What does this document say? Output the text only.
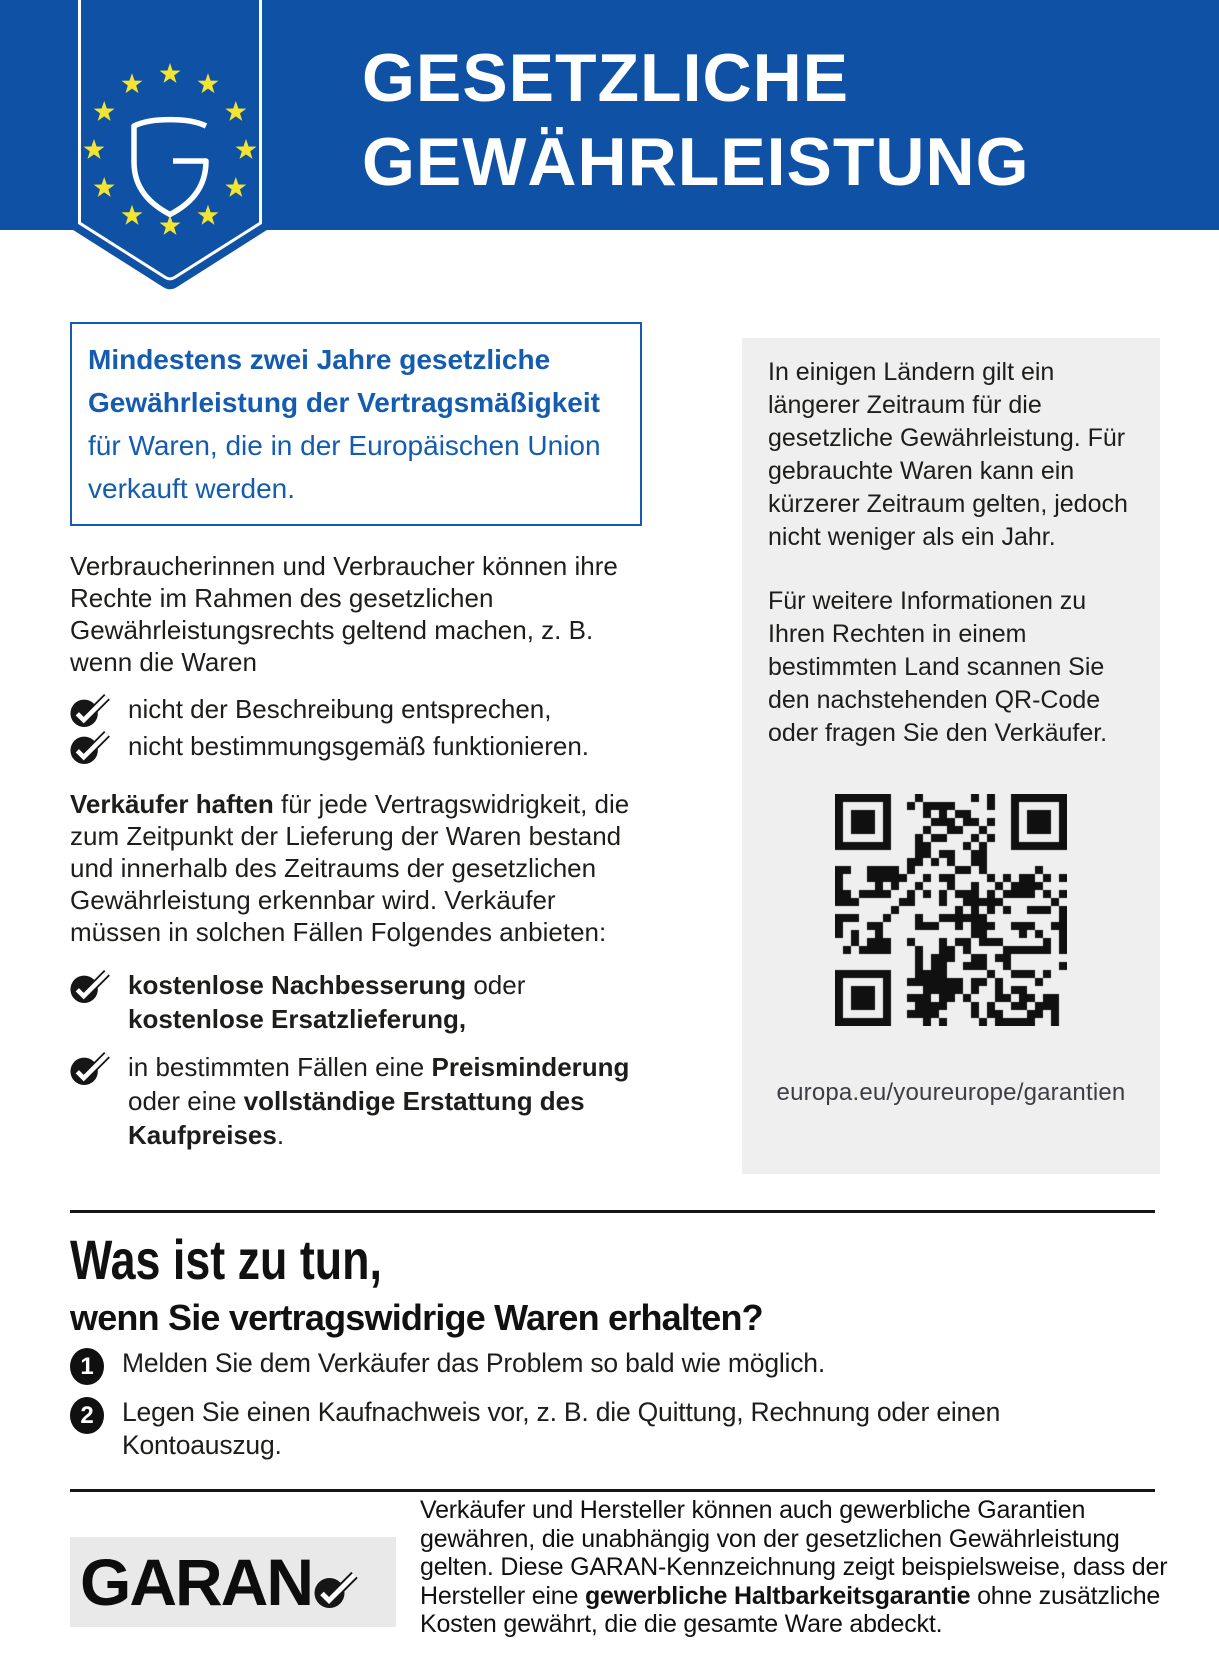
GESETZLICHE
GEWÄHRLEISTUNG
Mindestens zwei Jahre gesetzliche Gewährleistung der Vertragsmäßigkeit für Waren, die in der Europäischen Union verkauft werden.

Verbraucherinnen und Verbraucher können ihre Rechte im Rahmen des gesetzlichen Gewährleistungsrechts geltend machen, z. B. wenn die Waren

nicht der Beschreibung entsprechen,
nicht bestimmungsgemäß funktionieren.

Verkäufer haften für jede Vertragswidrigkeit, die zum Zeitpunkt der Lieferung der Waren bestand und innerhalb des Zeitraums der gesetzlichen Gewährleistung erkennbar wird. Verkäufer müssen in solchen Fällen Folgendes anbieten:

kostenlose Nachbesserung oder kostenlose Ersatzlieferung,
in bestimmten Fällen eine Preisminderung oder eine vollständige Erstattung des Kaufpreises.

In einigen Ländern gilt ein längerer Zeitraum für die gesetzliche Gewährleistung. Für gebrauchte Waren kann ein kürzerer Zeitraum gelten, jedoch nicht weniger als ein Jahr.

Für weitere Informationen zu Ihren Rechten in einem bestimmten Land scannen Sie den nachstehenden QR-Code oder fragen Sie den Verkäufer.

europa.eu/youreurope/garantien
Was ist zu tun,
wenn Sie vertragswidrige Waren erhalten?
1	Melden Sie dem Verkäufer das Problem so bald wie möglich.
2	Legen Sie einen Kaufnachweis vor, z. B. die Quittung, Rechnung oder einen Kontoauszug.
GARAN

Verkäufer und Hersteller können auch gewerbliche Garantien gewähren, die unabhängig von der gesetzlichen Gewährleistung gelten. Diese GARAN-Kennzeichnung zeigt beispielsweise, dass der Hersteller eine gewerbliche Haltbarkeitsgarantie ohne zusätzliche Kosten gewährt, die die gesamte Ware abdeckt.
